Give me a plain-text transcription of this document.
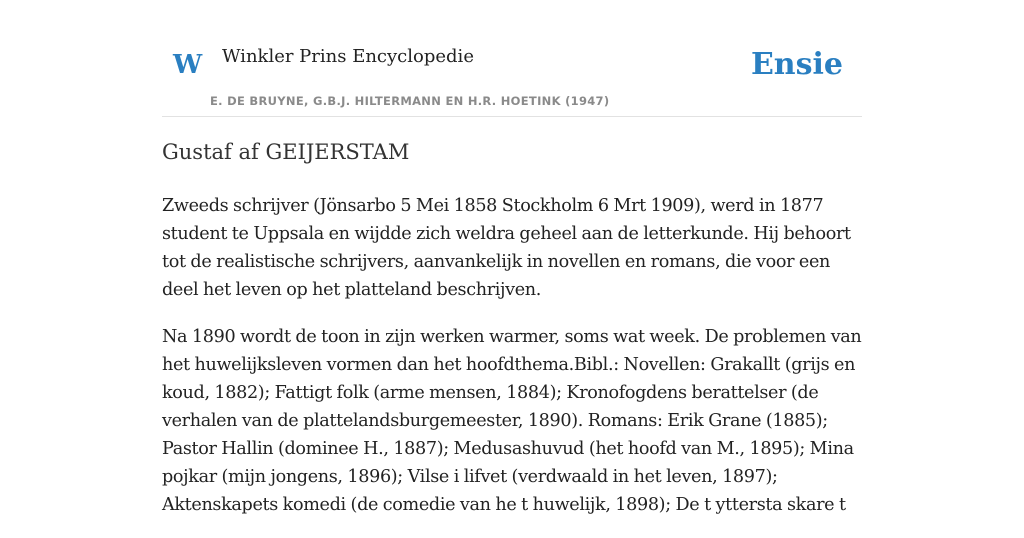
W Winkler Prins Encyclopedie
E. DE BRUYNE, G.B.J. HILTERMANN EN H.R. HOETINK (1947)
Ensie
Gustaf af GEIJERSTAM

Zweeds schrijver (Jönsarbo 5 Mei 1858 Stockholm 6 Mrt 1909), werd in 1877 student te Uppsala en wijdde zich weldra geheel aan de letterkunde. Hij behoort tot de realistische schrijvers, aanvankelijk in novellen en romans, die voor een deel het leven op het platteland beschrijven.

Na 1890 wordt de toon in zijn werken warmer, soms wat week. De problemen van het huwelijksleven vormen dan het hoofdthema.Bibl.: Novellen: Grakallt (grijs en koud, 1882); Fattigt folk (arme mensen, 1884); Kronofogdens berattelser (de verhalen van de plattelandsburgemeester, 1890). Romans: Erik Grane (1885); Pastor Hallin (dominee H., 1887); Medusashuvud (het hoofd van M., 1895); Mina pojkar (mijn jongens, 1896); Vilse i lifvet (verdwaald in het leven, 1897); Aktenskapets komedi (de comedie van he t huwelijk, 1898); De t yttersta skare t
